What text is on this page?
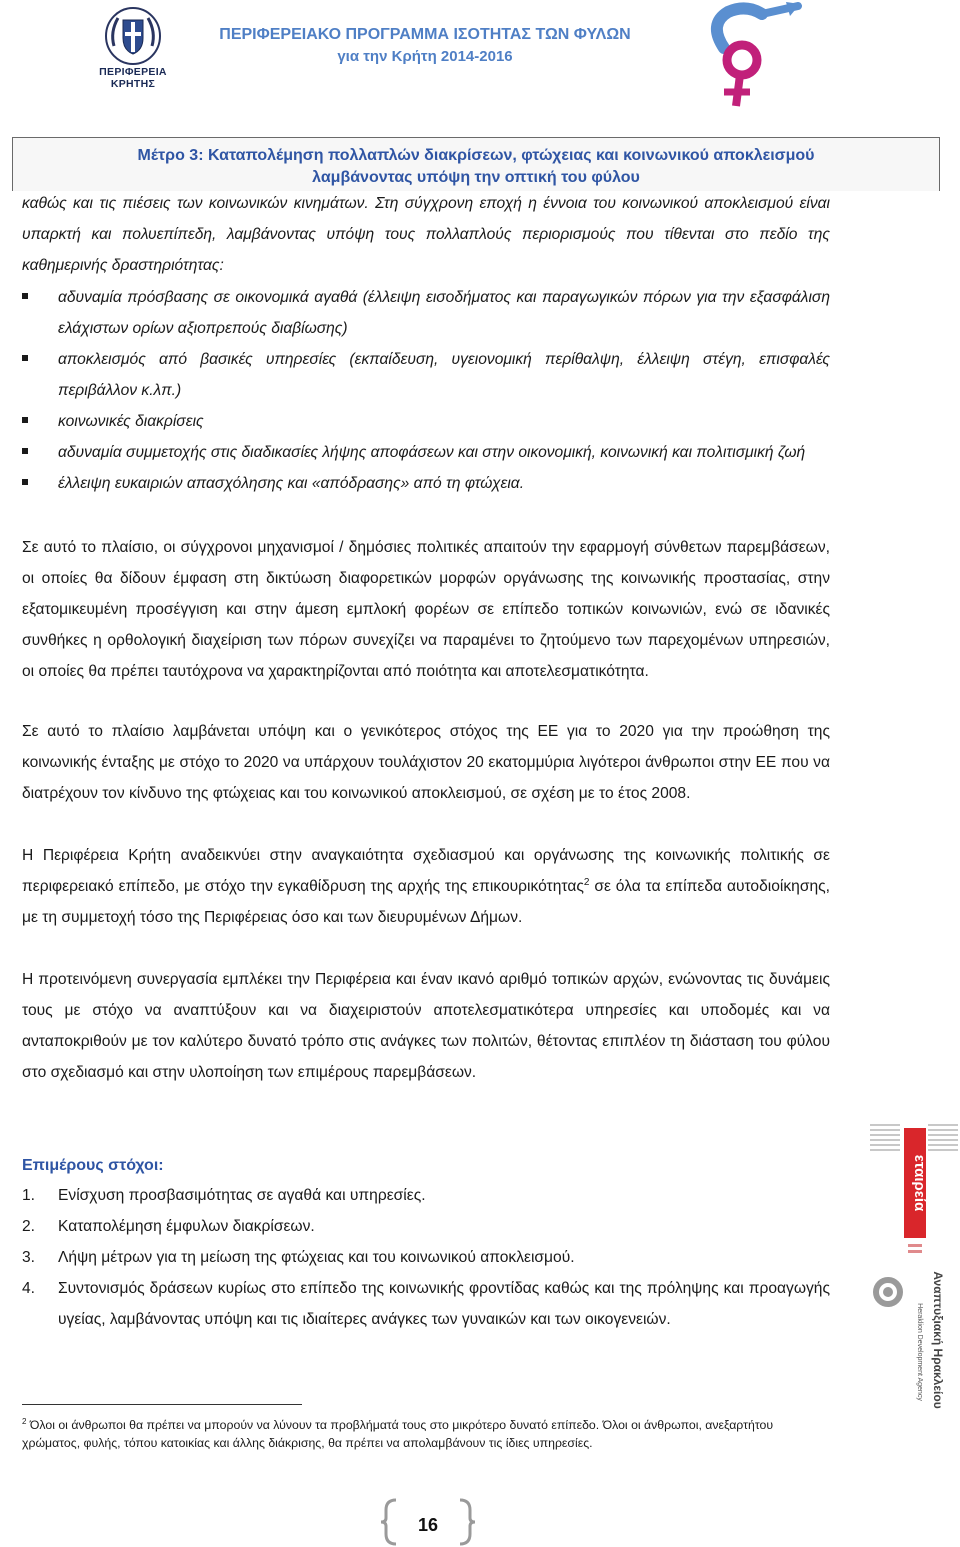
ΠΕΡΙΦΕΡΕΙΑ
ΚΡΗΤΗΣ
ΠΕΡΙΦΕΡΕΙΑΚΟ ΠΡΟΓΡΑΜΜΑ ΙΣΟΤΗΤΑΣ ΤΩΝ ΦΥΛΩΝ
για την Κρήτη 2014-2016
Μέτρο 3: Καταπολέμηση πολλαπλών διακρίσεων, φτώχειας και κοινωνικού αποκλεισμού
λαμβάνοντας υπόψη την οπτική του φύλου
καθώς και τις πιέσεις των κοινωνικών κινημάτων. Στη σύγχρονη εποχή η έννοια του κοινωνικού αποκλεισμού είναι υπαρκτή και πολυεπίπεδη, λαμβάνοντας υπόψη τους πολλαπλούς περιορισμούς που τίθενται στο πεδίο της καθημερινής δραστηριότητας:
αδυναμία πρόσβασης σε οικονομικά αγαθά (έλλειψη εισοδήματος και παραγωγικών πόρων για την εξασφάλιση ελάχιστων ορίων αξιοπρεπούς διαβίωσης)
αποκλεισμός από βασικές υπηρεσίες (εκπαίδευση, υγειονομική περίθαλψη, έλλειψη στέγη, επισφαλές περιβάλλον κ.λπ.)
κοινωνικές διακρίσεις
αδυναμία συμμετοχής στις διαδικασίες λήψης αποφάσεων και στην οικονομική, κοινωνική και πολιτισμική ζωή
έλλειψη ευκαιριών απασχόλησης και «απόδρασης» από τη φτώχεια.
Σε αυτό το πλαίσιο, οι σύγχρονοι μηχανισμοί / δημόσιες πολιτικές απαιτούν την εφαρμογή σύνθετων παρεμβάσεων, οι οποίες θα δίδουν έμφαση στη δικτύωση διαφορετικών μορφών οργάνωσης της κοινωνικής προστασίας, στην εξατομικευμένη προσέγγιση και στην άμεση εμπλοκή φορέων σε επίπεδο τοπικών κοινωνιών, ενώ σε ιδανικές συνθήκες η ορθολογική διαχείριση των πόρων συνεχίζει να παραμένει το ζητούμενο των παρεχομένων υπηρεσιών, οι οποίες θα πρέπει ταυτόχρονα να χαρακτηρίζονται από ποιότητα και αποτελεσματικότητα.
Σε αυτό το πλαίσιο λαμβάνεται υπόψη και ο γενικότερος στόχος της ΕΕ για το 2020 για την προώθηση της κοινωνικής ένταξης με στόχο το 2020 να υπάρχουν τουλάχιστον 20 εκατομμύρια λιγότεροι άνθρωποι στην ΕΕ που να διατρέχουν τον κίνδυνο της φτώχειας και του κοινωνικού αποκλεισμού, σε σχέση με το έτος 2008.
Η Περιφέρεια Κρήτη αναδεικνύει στην αναγκαιότητα σχεδιασμού και οργάνωσης της κοινωνικής πολιτικής σε περιφερειακό επίπεδο, με στόχο την εγκαθίδρυση της αρχής της επικουρικότητας$^2$ σε όλα τα επίπεδα αυτοδιοίκησης, με τη συμμετοχή τόσο της Περιφέρειας όσο και των διευρυμένων Δήμων.
Η προτεινόμενη συνεργασία εμπλέκει την Περιφέρεια και έναν ικανό αριθμό τοπικών αρχών, ενώνοντας τις δυνάμεις τους με στόχο να αναπτύξουν και να διαχειριστούν αποτελεσματικότερα υπηρεσίες και υποδομές και να ανταποκριθούν με τον καλύτερο δυνατό τρόπο στις ανάγκες των πολιτών, θέτοντας επιπλέον τη διάσταση του φύλου στο σχεδιασμό και στην υλοποίηση των επιμέρους παρεμβάσεων.
Επιμέρους στόχοι:
1. Ενίσχυση προσβασιμότητας σε αγαθά και υπηρεσίες.
2. Καταπολέμηση έμφυλων διακρίσεων.
3. Λήψη μέτρων για τη μείωση της φτώχειας και του κοινωνικού αποκλεισμού.
4. Συντονισμός δράσεων κυρίως στο επίπεδο της κοινωνικής φροντίδας καθώς και της πρόληψης και προαγωγής υγείας, λαμβάνοντας υπόψη και τις ιδιαίτερες ανάγκες των γυναικών και των οικογενειών.
εταιρεία
Αναπτυξιακή Ηρακλείου
Heraklion Development Agency
$^2$ Όλοι οι άνθρωποι θα πρέπει να μπορούν να λύνουν τα προβλήματά τους στο μικρότερο δυνατό επίπεδο. Όλοι οι άνθρωποι, ανεξαρτήτου χρώματος, φυλής, τόπου κατοικίας και άλλης διάκρισης, θα πρέπει να απολαμβάνουν τις ίδιες υπηρεσίες.
16
